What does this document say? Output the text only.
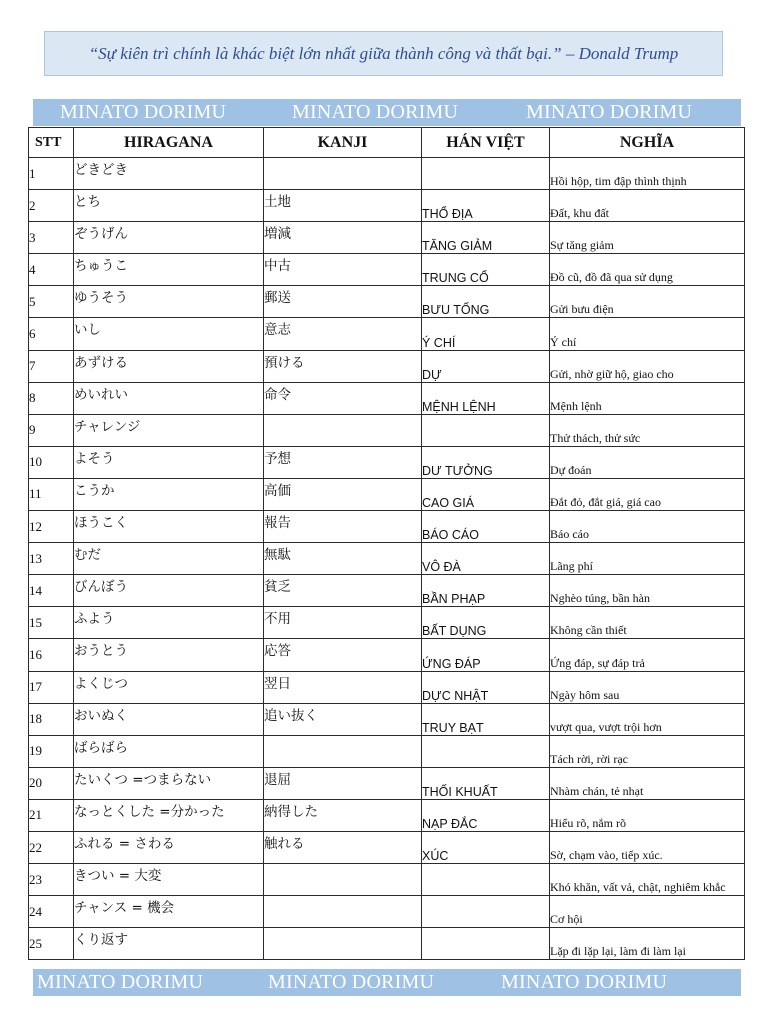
“Sự kiên trì chính là khác biệt lớn nhất giữa thành công và thất bại.” – Donald Trump
MINATO DORIMU	MINATO DORIMU	MINATO DORIMU
STT	HIRAGANA	KANJI	HÁN VIỆT	NGHĨA
1	どきどき			Hồi hộp, tim đập thình thịnh
2	とち	土地	THỔ ĐỊA	Đất, khu đất
3	ぞうげん	増減	TĂNG GIẢM	Sự tăng giảm
4	ちゅうこ	中古	TRUNG CỔ	Đồ cũ, đồ đã qua sử dụng
5	ゆうそう	郵送	BƯU TỐNG	Gửi bưu điện
6	いし	意志	Ý CHÍ	Ý chí
7	あずける	預ける	DỰ	Gửi, nhờ giữ hộ, giao cho
8	めいれい	命令	MỆNH LỆNH	Mệnh lệnh
9	チャレンジ			Thử thách, thử sức
10	よそう	予想	DƯ TƯỞNG	Dự đoán
11	こうか	高価	CAO GIÁ	Đắt đỏ, đắt giá, giá cao
12	ほうこく	報告	BÁO CÁO	Báo cáo
13	むだ	無駄	VÔ ĐÀ	Lãng phí
14	びんぼう	貧乏	BẦN PHẠP	Nghèo túng, bần hàn
15	ふよう	不用	BẤT DỤNG	Không cần thiết
16	おうとう	応答	ỨNG ĐÁP	Ứng đáp, sự đáp trả
17	よくじつ	翌日	DỰC NHẬT	Ngày hôm sau
18	おいぬく	追い抜く	TRUY BẠT	vượt qua, vượt trội hơn
19	ばらばら			Tách rời, rời rạc
20	たいくつ =つまらない	退屈	THỐI KHUẤT	Nhàm chán, tẻ nhạt
21	なっとくした =分かった	納得した	NẠP ĐẮC	Hiểu rõ, nắm rõ
22	ふれる = さわる	触れる	XÚC	Sờ, chạm vào, tiếp xúc.
23	きつい = 大変			Khó khăn, vất vả, chật, nghiêm khắc
24	チャンス = 機会			Cơ hội
25	くり返す			Lặp đi lặp lại, làm đi làm lại
MINATO DORIMU	MINATO DORIMU	MINATO DORIMU
